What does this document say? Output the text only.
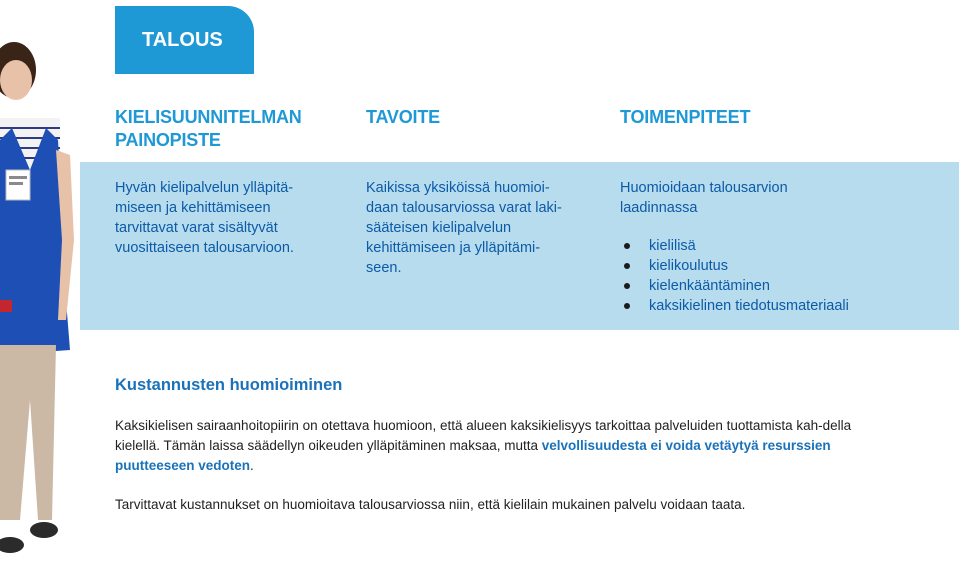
TALOUS
KIELISUUNNITELMAN PAINOPISTE
TAVOITE	TOIMENPITEET
Hyvän kielipalvelun ylläpitä-
miseen ja kehittämiseen
tarvittavat varat sisältyvät
vuosittaiseen talousarvioon.
Kaikissa yksiköissä huomioi-
daan talousarviossa varat laki-
sääteisen kielipalvelun
kehittämiseen ja ylläpitämi-
seen.
Huomioidaan talousarvion
laadinnassa
kielilisä
kielikoulutus
kielenkääntäminen
kaksikielinen tiedotusmateriaali
Kustannusten huomioiminen
Kaksikielisen sairaanhoitopiirin on otettava huomioon, että alueen kaksikielisyys tarkoittaa palveluiden tuottamista kah-della kielellä. Tämän laissa säädellyn oikeuden ylläpitäminen maksaa, mutta velvollisuudesta ei voida vetäytyä resurssien puutteeseen vedoten.
Tarvittavat kustannukset on huomioitava talousarviossa niin, että kielilain mukainen palvelu voidaan taata.
